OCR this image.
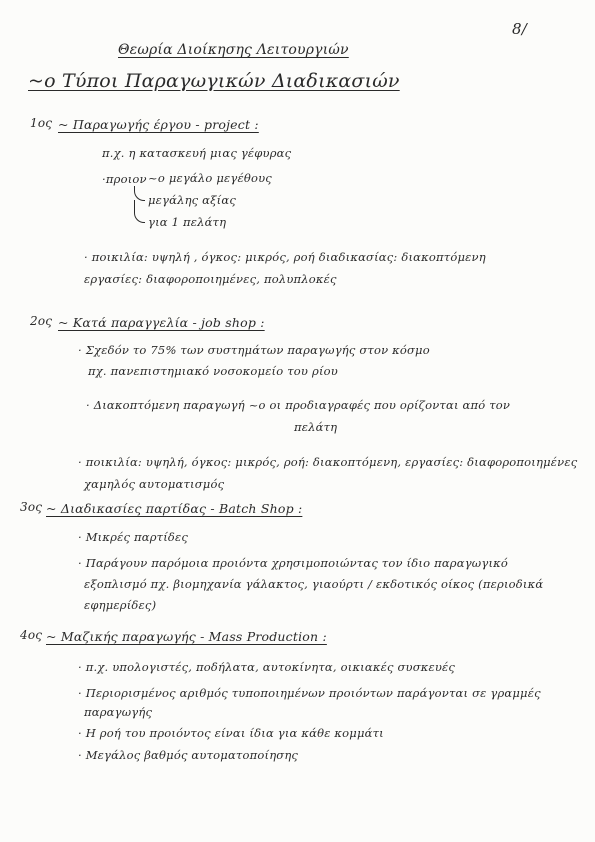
8/
Θεωρία Διοίκησης Λειτουργιών
~ο Τύποι Παραγωγικών Διαδικασιών
1ος ~ Παραγωγής έργου - project :
π.χ. η κατασκευή μιας γέφυρας
·προιον ~ο μεγάλο μεγέθους
μεγάλης αξίας
για 1 πελάτη
· ποικιλία: υψηλή , όγκος: μικρός, ροή διαδικασίας: διακοπτόμενη
εργασίες: διαφοροποιημένες, πολυπλοκές
2ος ~ Κατά παραγγελία - job shop :
· Σχεδόν το 75% των συστημάτων παραγωγής στον κόσμο
πχ. πανεπιστημιακό νοσοκομείο του ρίου
· Διακοπτόμενη παραγωγή ~ο οι προδιαγραφές που ορίζονται από τον
πελάτη
· ποικιλία: υψηλή, όγκος: μικρός, ροή: διακοπτόμενη, εργασίες: διαφοροποιημένες
χαμηλός αυτοματισμός
3ος ~ Διαδικασίες παρτίδας - Batch Shop :
· Μικρές παρτίδες
· Παράγουν παρόμοια προιόντα χρησιμοποιώντας τον ίδιο παραγωγικό
εξοπλισμό πχ. βιομηχανία γάλακτος, γιαούρτι / εκδοτικός οίκος (περιοδικά
εφημερίδες)
4ος ~ Μαζικής παραγωγής - Mass Production :
· π.χ. υπολογιστές, ποδήλατα, αυτοκίνητα, οικιακές συσκευές
· Περιορισμένος αριθμός τυποποιημένων προιόντων παράγονται σε γραμμές
παραγωγής
· Η ροή του προιόντος είναι ίδια για κάθε κομμάτι
· Μεγάλος βαθμός αυτοματοποίησης
